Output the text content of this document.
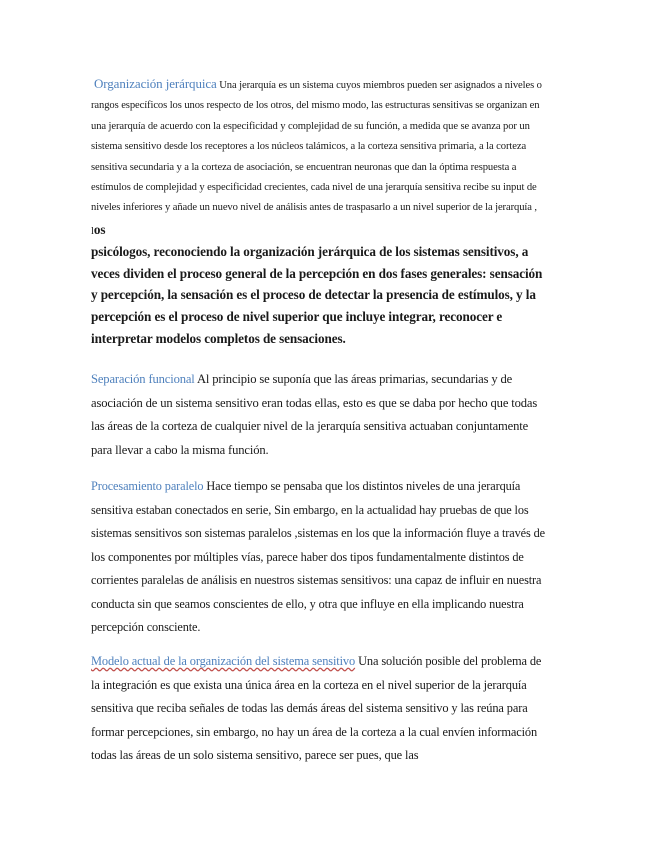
Organización jerárquica Una jerarquía es un sistema cuyos miembros pueden ser asignados a niveles o rangos específicos los unos respecto de los otros, del mismo modo, las estructuras sensitivas se organizan en una jerarquía de acuerdo con la especificidad y complejidad de su función, a medida que se avanza por un sistema sensitivo desde los receptores a los núcleos talámicos, a la corteza sensitiva primaria, a la corteza sensitiva secundaria y a la corteza de asociación, se encuentran neuronas que dan la óptima respuesta a estímulos de complejidad y especificidad crecientes, cada nivel de una jerarquía sensitiva recibe su input de niveles inferiores y añade un nuevo nivel de análisis antes de traspasarlo a un nivel superior de la jerarquía , los
psicólogos, reconociendo la organización jerárquica de los sistemas sensitivos, a veces dividen el proceso general de la percepción en dos fases generales: sensación y percepción, la sensación es el proceso de detectar la presencia de estímulos, y la percepción es el proceso de nivel superior que incluye integrar, reconocer e interpretar modelos completos de sensaciones.

Separación funcional Al principio se suponía que las áreas primarias, secundarias y de asociación de un sistema sensitivo eran todas ellas, esto es que se daba por hecho que todas las áreas de la corteza de cualquier nivel de la jerarquía sensitiva actuaban conjuntamente para llevar a cabo la misma función.

Procesamiento paralelo Hace tiempo se pensaba que los distintos niveles de una jerarquía sensitiva estaban conectados en serie, Sin embargo, en la actualidad hay pruebas de que los sistemas sensitivos son sistemas paralelos ,sistemas en los que la información fluye a través de los componentes por múltiples vías, parece haber dos tipos fundamentalmente distintos de corrientes paralelas de análisis en nuestros sistemas sensitivos: una capaz de influir en nuestra conducta sin que seamos conscientes de ello, y otra que influye en ella implicando nuestra percepción consciente.

Modelo actual de la organización del sistema sensitivo Una solución posible del problema de la integración es que exista una única área en la corteza en el nivel superior de la jerarquía sensitiva que reciba señales de todas las demás áreas del sistema sensitivo y las reúna para formar percepciones, sin embargo, no hay un área de la corteza a la cual envíen información todas las áreas de un solo sistema sensitivo, parece ser pues, que las
